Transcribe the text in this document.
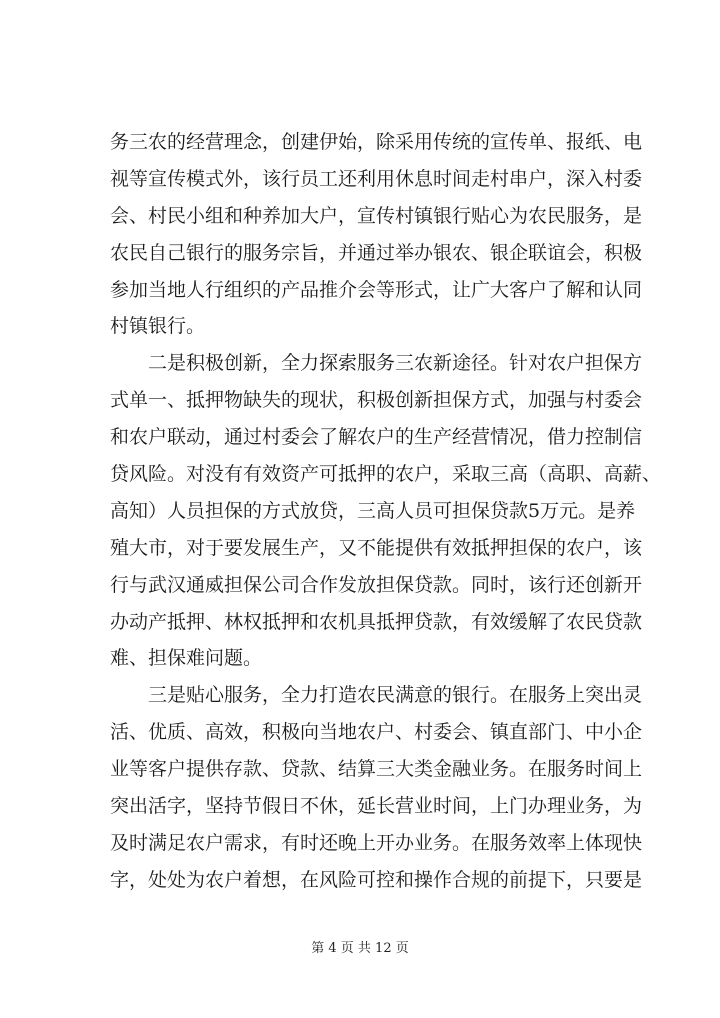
务三农的经营理念，创建伊始，除采用传统的宣传单、报纸、电
视等宣传模式外，该行员工还利用休息时间走村串户，深入村委
会、村民小组和种养加大户，宣传村镇银行贴心为农民服务，是
农民自己银行的服务宗旨，并通过举办银农、银企联谊会，积极
参加当地人行组织的产品推介会等形式，让广大客户了解和认同
村镇银行。
二是积极创新，全力探索服务三农新途径。针对农户担保方
式单一、抵押物缺失的现状，积极创新担保方式，加强与村委会
和农户联动，通过村委会了解农户的生产经营情况，借力控制信
贷风险。对没有有效资产可抵押的农户，采取三高（高职、高薪、
高知）人员担保的方式放贷，三高人员可担保贷款5万元。是养
殖大市，对于要发展生产，又不能提供有效抵押担保的农户，该
行与武汉通威担保公司合作发放担保贷款。同时，该行还创新开
办动产抵押、林权抵押和农机具抵押贷款，有效缓解了农民贷款
难、担保难问题。
三是贴心服务，全力打造农民满意的银行。在服务上突出灵
活、优质、高效，积极向当地农户、村委会、镇直部门、中小企
业等客户提供存款、贷款、结算三大类金融业务。在服务时间上
突出活字，坚持节假日不休，延长营业时间，上门办理业务，为
及时满足农户需求，有时还晚上开办业务。在服务效率上体现快
字，处处为农户着想，在风险可控和操作合规的前提下，只要是
第 4 页 共 12 页
